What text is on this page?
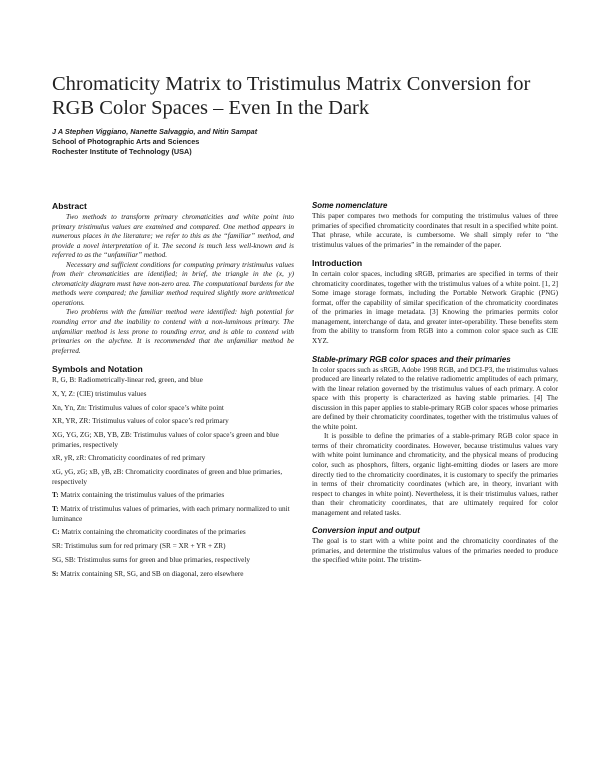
Chromaticity Matrix to Tristimulus Matrix Conversion for RGB Color Spaces – Even In the Dark
J A Stephen Viggiano, Nanette Salvaggio, and Nitin Sampat
School of Photographic Arts and Sciences
Rochester Institute of Technology (USA)
Abstract

Two methods to transform primary chromaticities and white point into primary tristimulus values are examined and compared. One method appears in numerous places in the literature; we refer to this as the “familiar” method, and provide a novel interpretation of it. The second is much less well-known and is referred to as the “unfamiliar” method.

Necessary and sufficient conditions for computing primary tristimulus values from their chromaticities are identified; in brief, the triangle in the (x, y) chromaticity diagram must have non-zero area. The computational burdens for the methods were compared; the familiar method required slightly more arithmetical operations.

Two problems with the familiar method were identified: high potential for rounding error and the inability to contend with a non-luminous primary. The unfamiliar method is less prone to rounding error, and is able to contend with primaries on the alychne. It is recommended that the unfamiliar method be preferred.

Symbols and Notation
R, G, B: Radiometrically-linear red, green, and blue
X, Y, Z: (CIE) tristimulus values
Xn, Yn, Zn: Tristimulus values of color space’s white point
XR, YR, ZR: Tristimulus values of color space’s red primary
XG, YG, ZG; XB, YB, ZB: Tristimulus values of color space’s green and blue primaries, respectively
xR, yR, zR: Chromaticity coordinates of red primary
xG, yG, zG; xB, yB, zB: Chromaticity coordinates of green and blue primaries, respectively
T: Matrix containing the tristimulus values of the primaries
T: Matrix of tristimulus values of primaries, with each primary normalized to unit luminance
C: Matrix containing the chromaticity coordinates of the primaries
SR: Tristimulus sum for red primary (SR = XR + YR + ZR)
SG, SB: Tristimulus sums for green and blue primaries, respectively
S: Matrix containing SR, SG, and SB on diagonal, zero elsewhere
Some nomenclature

This paper compares two methods for computing the tristimulus values of three primaries of specified chromaticity coordinates that result in a specified white point. That phrase, while accurate, is cumbersome. We shall simply refer to “the tristimulus values of the primaries” in the remainder of the paper.

Introduction

In certain color spaces, including sRGB, primaries are specified in terms of their chromaticity coordinates, together with the tristimulus values of a white point. [1, 2] Some image storage formats, including the Portable Network Graphic (PNG) format, offer the capability of similar specification of the chromaticity coordinates of the primaries in image metadata. [3] Knowing the primaries permits color management, interchange of data, and greater inter-operability. These benefits stem from the ability to transform from RGB into a common color space such as CIE XYZ.

Stable-primary RGB color spaces and their primaries

In color spaces such as sRGB, Adobe 1998 RGB, and DCI-P3, the tristimulus values produced are linearly related to the relative radiometric amplitudes of each primary, with the linear relation governed by the tristimulus values of each primary. A color space with this property is characterized as having stable primaries. [4] The discussion in this paper applies to stable-primary RGB color spaces whose primaries are defined by their chromaticity coordinates, together with the tristimulus values of the white point.

It is possible to define the primaries of a stable-primary RGB color space in terms of their chromaticity coordinates. However, because tristimulus values vary with white point luminance and chromaticity, and the physical means of producing color, such as phosphors, filters, organic light-emitting diodes or lasers are more directly tied to the chromaticity coordinates, it is customary to specify the primaries in terms of their chromaticity coordinates (which are, in theory, invariant with respect to changes in white point). Nevertheless, it is their tristimulus values, rather than their chromaticity coordinates, that are ultimately required for color management and related tasks.

Conversion input and output

The goal is to start with a white point and the chromaticity coordinates of the primaries, and determine the tristimulus values of the primaries needed to produce the specified white point. The tristim-
